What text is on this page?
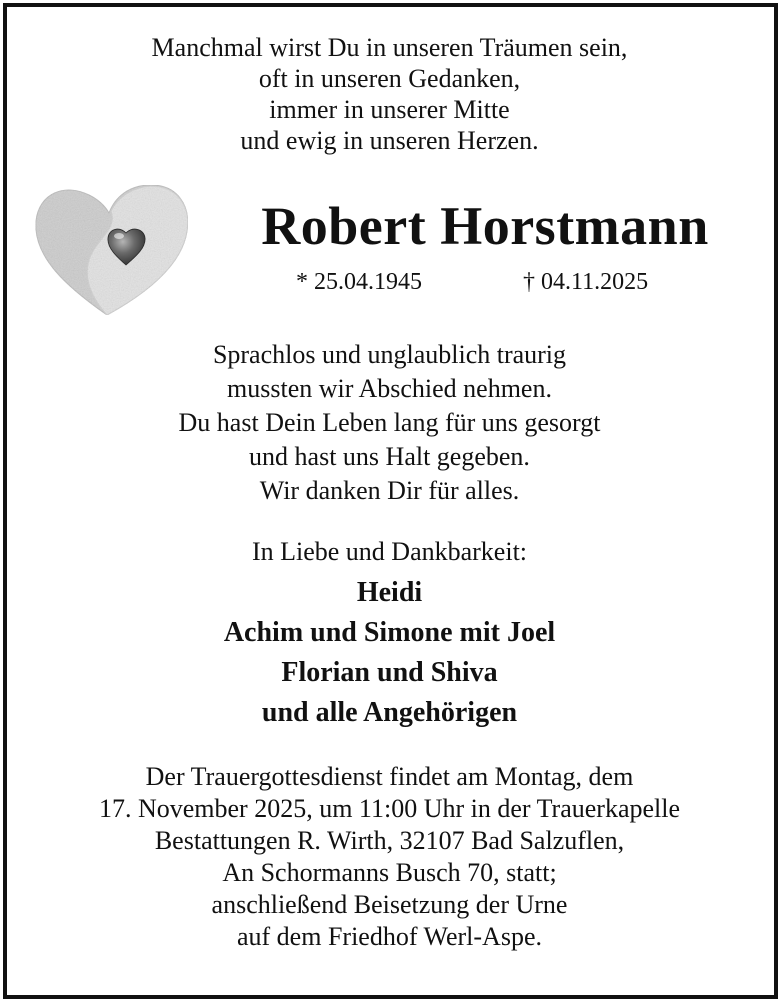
Manchmal wirst Du in unseren Träumen sein,
oft in unseren Gedanken,
immer in unserer Mitte
und ewig in unseren Herzen.
Robert Horstmann
* 25.04.1945	† 04.11.2025
Sprachlos und unglaublich traurig
mussten wir Abschied nehmen.
Du hast Dein Leben lang für uns gesorgt
und hast uns Halt gegeben.
Wir danken Dir für alles.
In Liebe und Dankbarkeit:
Heidi
Achim und Simone mit Joel
Florian und Shiva
und alle Angehörigen
Der Trauergottesdienst findet am Montag, dem
17. November 2025, um 11:00 Uhr in der Trauerkapelle
Bestattungen R. Wirth, 32107 Bad Salzuflen,
An Schormanns Busch 70, statt;
anschließend Beisetzung der Urne
auf dem Friedhof Werl-Aspe.
